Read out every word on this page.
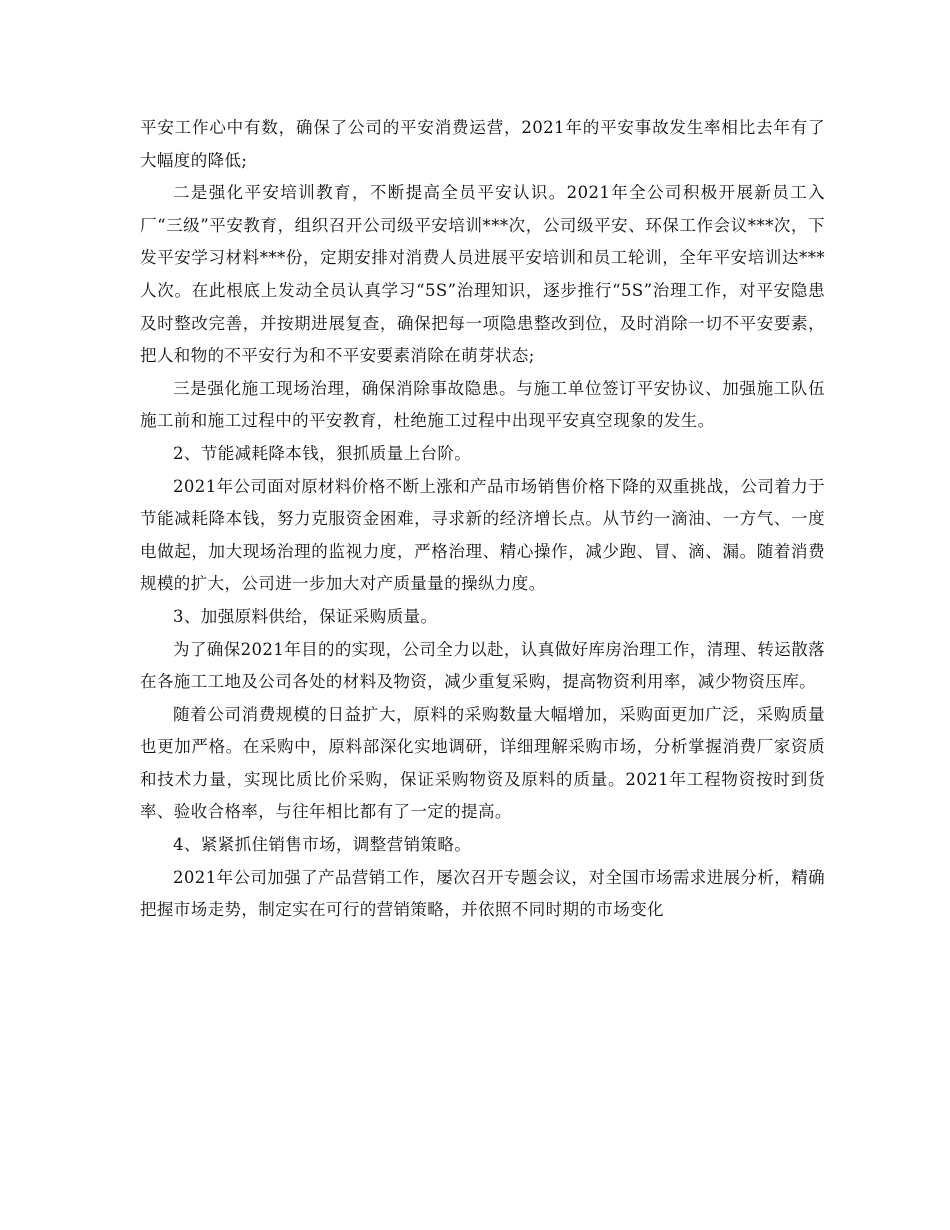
平安工作心中有数，确保了公司的平安消费运营，2021年的平安事故发生率相比去年有了大幅度的降低;

二是强化平安培训教育，不断提高全员平安认识。2021年全公司积极开展新员工入厂“三级”平安教育，组织召开公司级平安培训***次，公司级平安、环保工作会议***次，下发平安学习材料***份，定期安排对消费人员进展平安培训和员工轮训，全年平安培训达***人次。在此根底上发动全员认真学习“5S”治理知识，逐步推行“5S”治理工作，对平安隐患及时整改完善，并按期进展复查，确保把每一项隐患整改到位，及时消除一切不平安要素，把人和物的不平安行为和不平安要素消除在萌芽状态;

三是强化施工现场治理，确保消除事故隐患。与施工单位签订平安协议、加强施工队伍施工前和施工过程中的平安教育，杜绝施工过程中出现平安真空现象的发生。

2、节能减耗降本钱，狠抓质量上台阶。

2021年公司面对原材料价格不断上涨和产品市场销售价格下降的双重挑战，公司着力于节能减耗降本钱，努力克服资金困难，寻求新的经济增长点。从节约一滴油、一方气、一度电做起，加大现场治理的监视力度，严格治理、精心操作，减少跑、冒、滴、漏。随着消费规模的扩大，公司进一步加大对产质量量的操纵力度。

3、加强原料供给，保证采购质量。

为了确保2021年目的的实现，公司全力以赴，认真做好库房治理工作，清理、转运散落在各施工工地及公司各处的材料及物资，减少重复采购，提高物资利用率，减少物资压库。

随着公司消费规模的日益扩大，原料的采购数量大幅增加，采购面更加广泛，采购质量也更加严格。在采购中，原料部深化实地调研，详细理解采购市场，分析掌握消费厂家资质和技术力量，实现比质比价采购，保证采购物资及原料的质量。2021年工程物资按时到货率、验收合格率，与往年相比都有了一定的提高。

4、紧紧抓住销售市场，调整营销策略。

2021年公司加强了产品营销工作，屡次召开专题会议，对全国市场需求进展分析，精确把握市场走势，制定实在可行的营销策略，并依照不同时期的市场变化
